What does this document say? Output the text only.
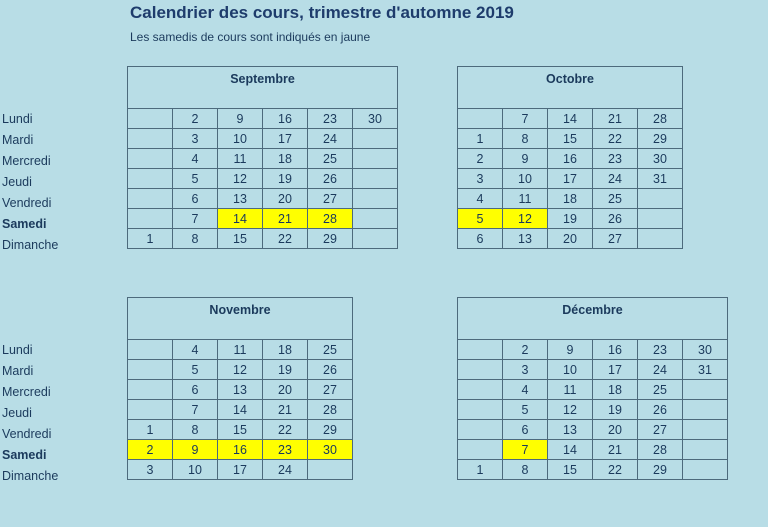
Calendrier des cours, trimestre d'automne 2019
Les samedis de cours sont indiqués en jaune
Lundi
Mardi
Mercredi
Jeudi
Vendredi
Samedi
Dimanche
Lundi
Mardi
Mercredi
Jeudi
Vendredi
Samedi
Dimanche
Septembre					
	2	9	16	23	30
	3	10	17	24	
	4	11	18	25	
	5	12	19	26	
	6	13	20	27	
	7	14	21	28	
1	8	15	22	29	
Octobre				
	7	14	21	28
1	8	15	22	29
2	9	16	23	30
3	10	17	24	31
4	11	18	25	
5	12	19	26	
6	13	20	27	
Novembre				
	4	11	18	25
	5	12	19	26
	6	13	20	27
	7	14	21	28
1	8	15	22	29
2	9	16	23	30
3	10	17	24	
Décembre					
	2	9	16	23	30
	3	10	17	24	31
	4	11	18	25	
	5	12	19	26	
	6	13	20	27	
	7	14	21	28	
1	8	15	22	29	
